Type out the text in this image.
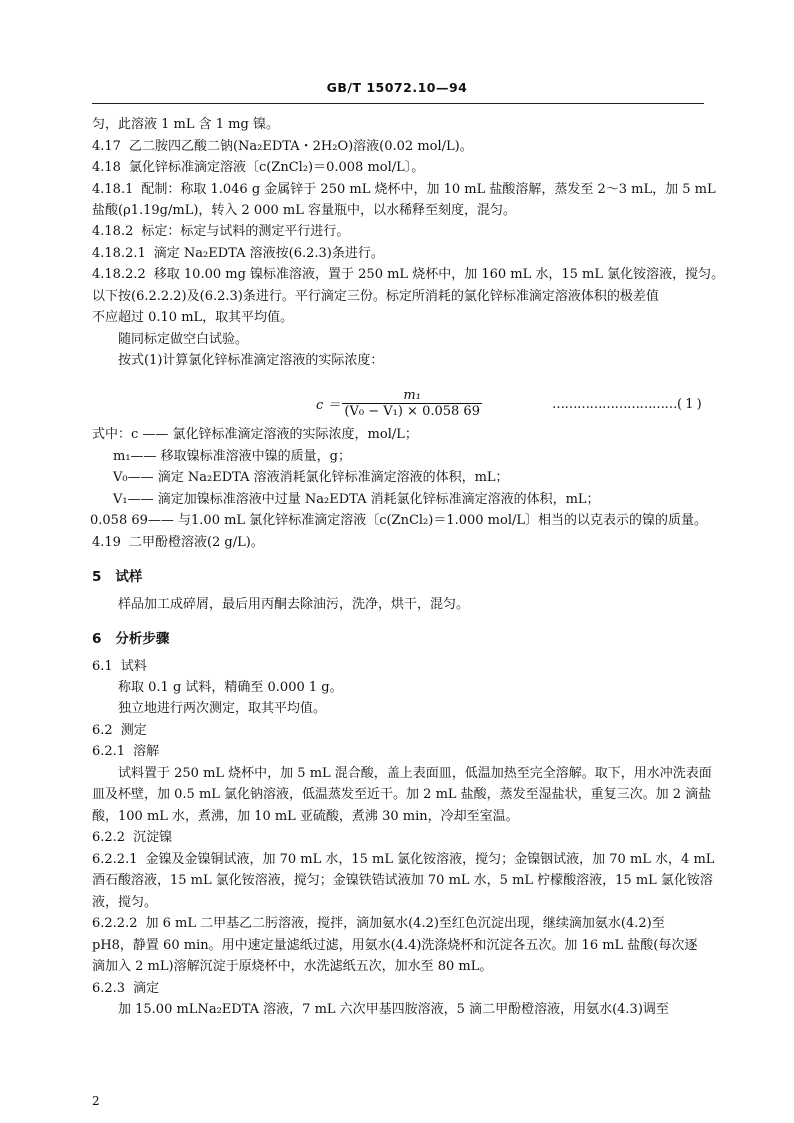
GB/T 15072.10—94
匀，此溶液 1 mL 含 1 mg 镍。
4.17 乙二胺四乙酸二钠(Na₂EDTA・2H₂O)溶液(0.02 mol/L)。
4.18 氯化锌标准滴定溶液〔c(ZnCl₂)＝0.008 mol/L〕。
4.18.1 配制：称取 1.046 g 金属锌于 250 mL 烧杯中，加 10 mL 盐酸溶解，蒸发至 2～3 mL，加 5 mL
盐酸(ρ1.19g/mL)，转入 2 000 mL 容量瓶中，以水稀释至刻度，混匀。
4.18.2 标定：标定与试料的测定平行进行。
4.18.2.1 滴定 Na₂EDTA 溶液按(6.2.3)条进行。
4.18.2.2 移取 10.00 mg 镍标准溶液，置于 250 mL 烧杯中，加 160 mL 水，15 mL 氯化铵溶液，搅匀。
以下按(6.2.2.2)及(6.2.3)条进行。平行滴定三份。标定所消耗的氯化锌标准滴定溶液体积的极差值
不应超过 0.10 mL，取其平均值。
随同标定做空白试验。
按式(1)计算氯化锌标准滴定溶液的实际浓度：
c ＝	m₁
(V₀ − V₁) × 0.058 69	…………………………( 1 )
式中：c —— 氯化锌标准滴定溶液的实际浓度，mol/L；
m₁—— 移取镍标准溶液中镍的质量，g；
V₀—— 滴定 Na₂EDTA 溶液消耗氯化锌标准滴定溶液的体积，mL；
V₁—— 滴定加镍标准溶液中过量 Na₂EDTA 消耗氯化锌标准滴定溶液的体积，mL；
0.058 69—— 与1.00 mL 氯化锌标准滴定溶液〔c(ZnCl₂)＝1.000 mol/L〕相当的以克表示的镍的质量。
4.19 二甲酚橙溶液(2 g/L)。
5 试样
样品加工成碎屑，最后用丙酮去除油污，洗净，烘干，混匀。
6 分析步骤
6.1 试料
称取 0.1 g 试料，精确至 0.000 1 g。
独立地进行两次测定，取其平均值。
6.2 测定
6.2.1 溶解
试料置于 250 mL 烧杯中，加 5 mL 混合酸，盖上表面皿，低温加热至完全溶解。取下，用水冲洗表面
皿及杯壁，加 0.5 mL 氯化钠溶液，低温蒸发至近干。加 2 mL 盐酸，蒸发至湿盐状，重复三次。加 2 滴盐
酸，100 mL 水，煮沸，加 10 mL 亚硫酸，煮沸 30 min，冷却至室温。
6.2.2 沉淀镍
6.2.2.1 金镍及金镍铜试液，加 70 mL 水，15 mL 氯化铵溶液，搅匀；金镍铟试液，加 70 mL 水，4 mL
酒石酸溶液，15 mL 氯化铵溶液，搅匀；金镍铁锆试液加 70 mL 水，5 mL 柠檬酸溶液，15 mL 氯化铵溶
液，搅匀。
6.2.2.2 加 6 mL 二甲基乙二肟溶液，搅拌，滴加氨水(4.2)至红色沉淀出现，继续滴加氨水(4.2)至
pH8，静置 60 min。用中速定量滤纸过滤，用氨水(4.4)洗涤烧杯和沉淀各五次。加 16 mL 盐酸(每次逐
滴加入 2 mL)溶解沉淀于原烧杯中，水洗滤纸五次，加水至 80 mL。
6.2.3 滴定
加 15.00 mLNa₂EDTA 溶液，7 mL 六次甲基四胺溶液，5 滴二甲酚橙溶液，用氨水(4.3)调至
2
